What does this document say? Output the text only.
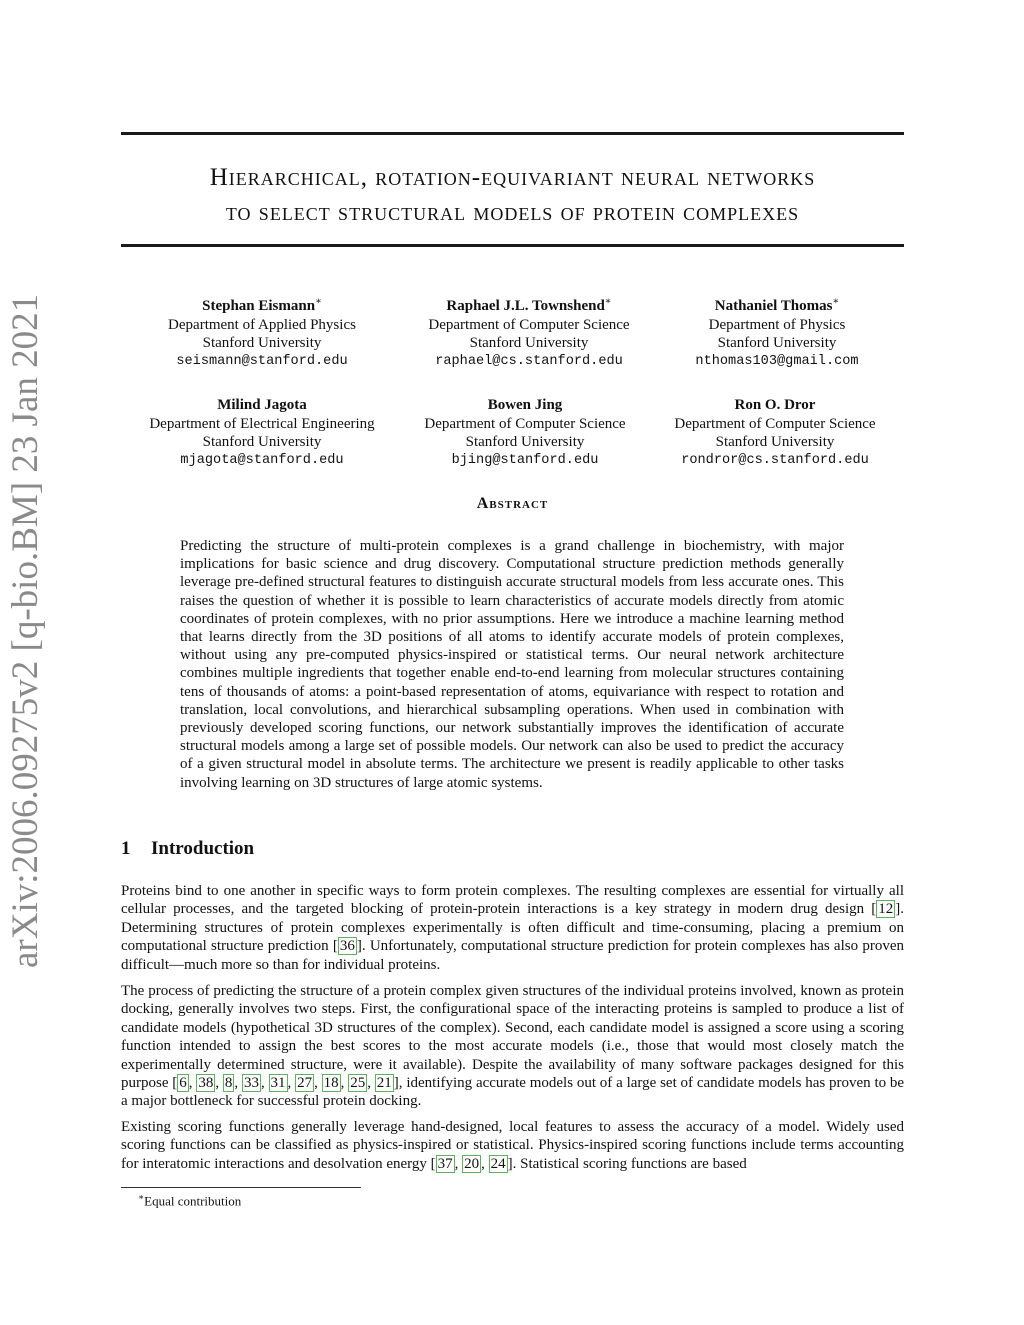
arXiv:2006.09275v2 [q-bio.BM] 23 Jan 2021
Hierarchical, rotation-equivariant neural networks
to select structural models of protein complexes
Stephan Eismann∗
Department of Applied Physics
Stanford University
seismann@stanford.edu
Raphael J.L. Townshend∗
Department of Computer Science
Stanford University
raphael@cs.stanford.edu
Nathaniel Thomas∗
Department of Physics
Stanford University
nthomas103@gmail.com
Milind Jagota
Department of Electrical Engineering
Stanford University
mjagota@stanford.edu
Bowen Jing
Department of Computer Science
Stanford University
bjing@stanford.edu
Ron O. Dror
Department of Computer Science
Stanford University
rondror@cs.stanford.edu
Abstract

Predicting the structure of multi-protein complexes is a grand challenge in biochemistry, with major implications for basic science and drug discovery. Computational structure prediction methods generally leverage pre-defined structural features to distinguish accurate structural models from less accurate ones. This raises the question of whether it is possible to learn characteristics of accurate models directly from atomic coordinates of protein complexes, with no prior assumptions. Here we introduce a machine learning method that learns directly from the 3D positions of all atoms to identify accurate models of protein complexes, without using any pre-computed physics-inspired or statistical terms. Our neural network architecture combines multiple ingredients that together enable end-to-end learning from molecular structures containing tens of thousands of atoms: a point-based representation of atoms, equivariance with respect to rotation and translation, local convolutions, and hierarchical subsampling operations. When used in combination with previously developed scoring functions, our network substantially improves the identification of accurate structural models among a large set of possible models. Our network can also be used to predict the accuracy of a given structural model in absolute terms. The architecture we present is readily applicable to other tasks involving learning on 3D structures of large atomic systems.

1 Introduction

Proteins bind to one another in specific ways to form protein complexes. The resulting complexes are essential for virtually all cellular processes, and the targeted blocking of protein-protein interactions is a key strategy in modern drug design [ 12 ]. Determining structures of protein complexes experimentally is often difficult and time-consuming, placing a premium on computational structure prediction [ 36 ]. Unfortunately, computational structure prediction for protein complexes has also proven difficult—much more so than for individual proteins.

The process of predicting the structure of a protein complex given structures of the individual proteins involved, known as protein docking, generally involves two steps. First, the configurational space of the interacting proteins is sampled to produce a list of candidate models (hypothetical 3D structures of the complex). Second, each candidate model is assigned a score using a scoring function intended to assign the best scores to the most accurate models (i.e., those that would most closely match the experimentally determined structure, were it available). Despite the availability of many software packages designed for this purpose [ 6 , 38 , 8 , 33 , 31 , 27 , 18 , 25 , 21 ], identifying accurate models out of a large set of candidate models has proven to be a major bottleneck for successful protein docking.

Existing scoring functions generally leverage hand-designed, local features to assess the accuracy of a model. Widely used scoring functions can be classified as physics-inspired or statistical. Physics-inspired scoring functions include terms accounting for interatomic interactions and desolvation energy [ 37 , 20 , 24 ]. Statistical scoring functions are based

∗Equal contribution
